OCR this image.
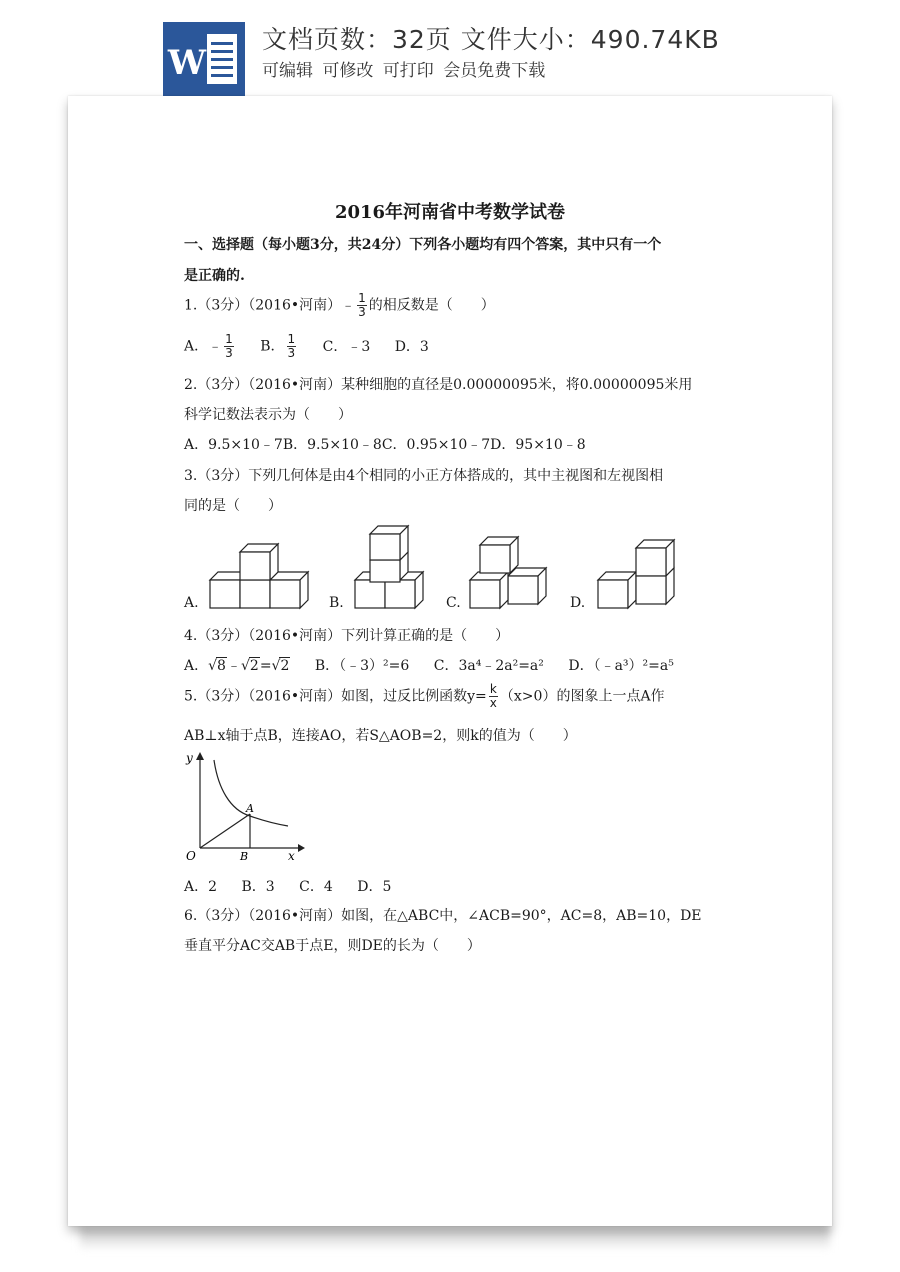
W
文档页数：32页 文件大小：490.74KB
可编辑 可修改 可打印 会员免费下载
2016年河南省中考数学试卷
一、选择题（每小题3分，共24分）下列各小题均有四个答案，其中只有一个
是正确的.
1.（3分）（2016•河南）﹣ $\frac{1}{3}$ 的相反数是（　　）
A．﹣ $\frac{1}{3}$ B． $\frac{1}{3}$ C．﹣3 D．3
2.（3分）（2016•河南）某种细胞的直径是0.00000095米，将0.00000095米用
科学记数法表示为（　　）
A．9.5×10﹣7B．9.5×10﹣8C．0.95×10﹣7D．95×10﹣8
3.（3分）下列几何体是由4个相同的小正方体搭成的，其中主视图和左视图相
同的是（　　）
A.	B.	C.	D.
4.（3分）（2016•河南）下列计算正确的是（　　）
A．√8﹣√2=√2 B．（﹣3）²=6 C．3a⁴﹣2a²=a² D．（﹣a³）²=a⁵
5.（3分）（2016•河南）如图，过反比例函数$y= \frac{k}{x} (x>0)$的图象上一点A作
AB⊥x轴于点B，连接AO，若S△AOB=2，则k的值为（　　）
y
x
O
A
B
A．2 B．3 C．4 D．5
6.（3分）（2016•河南）如图，在△ABC中，∠ACB=90°，AC=8，AB=10，DE
垂直平分AC交AB于点E，则DE的长为（　　）
